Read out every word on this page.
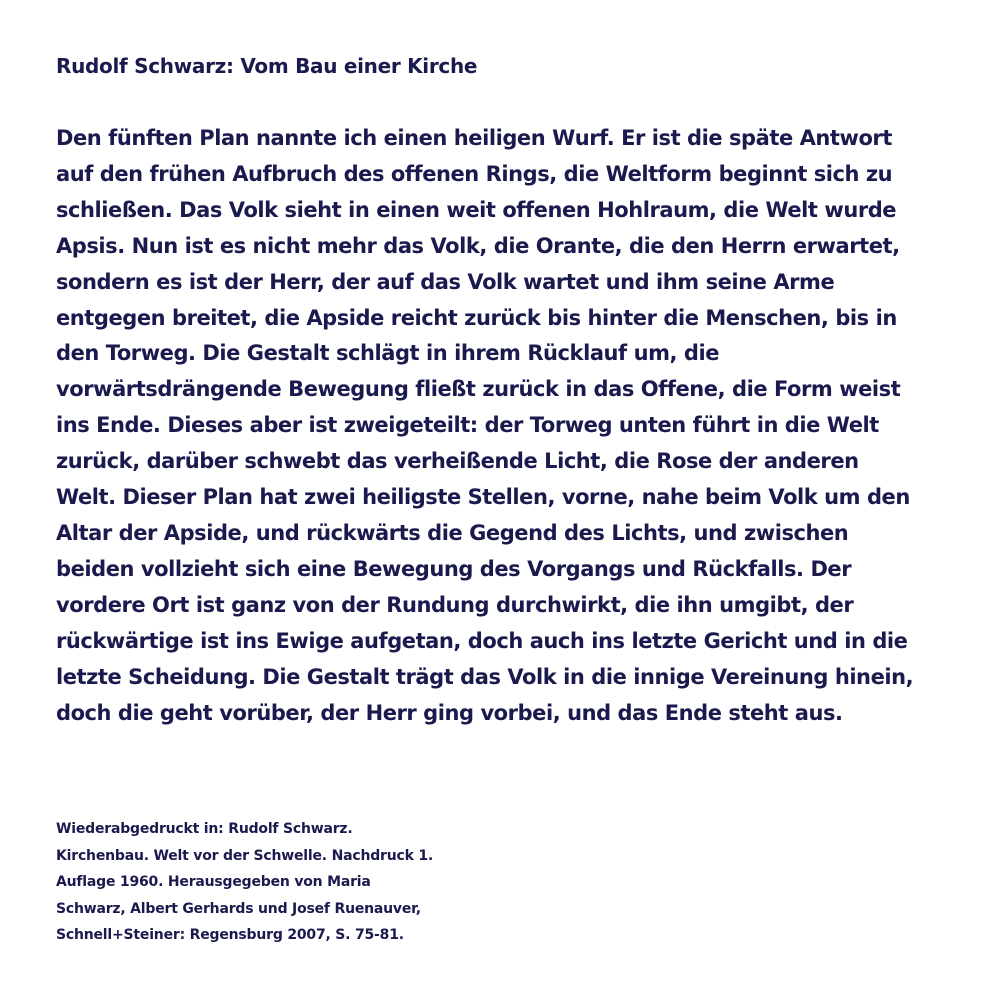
Rudolf Schwarz: Vom Bau einer Kirche
Den fünften Plan nannte ich einen heiligen Wurf. Er ist die späte Antwort
auf den frühen Aufbruch des offenen Rings, die Weltform beginnt sich zu
schließen. Das Volk sieht in einen weit offenen Hohlraum, die Welt wurde
Apsis. Nun ist es nicht mehr das Volk, die Orante, die den Herrn erwartet,
sondern es ist der Herr, der auf das Volk wartet und ihm seine Arme
entgegen breitet, die Apside reicht zurück bis hinter die Menschen, bis in
den Torweg. Die Gestalt schlägt in ihrem Rücklauf um, die
vorwärtsdrängende Bewegung fließt zurück in das Offene, die Form weist
ins Ende. Dieses aber ist zweigeteilt: der Torweg unten führt in die Welt
zurück, darüber schwebt das verheißende Licht, die Rose der anderen
Welt. Dieser Plan hat zwei heiligste Stellen, vorne, nahe beim Volk um den
Altar der Apside, und rückwärts die Gegend des Lichts, und zwischen
beiden vollzieht sich eine Bewegung des Vorgangs und Rückfalls. Der
vordere Ort ist ganz von der Rundung durchwirkt, die ihn umgibt, der
rückwärtige ist ins Ewige aufgetan, doch auch ins letzte Gericht und in die
letzte Scheidung. Die Gestalt trägt das Volk in die innige Vereinung hinein,
doch die geht vorüber, der Herr ging vorbei, und das Ende steht aus.
Wiederabgedruckt in: Rudolf Schwarz.
Kirchenbau. Welt vor der Schwelle. Nachdruck 1.
Auflage 1960. Herausgegeben von Maria
Schwarz, Albert Gerhards und Josef Ruenauver,
Schnell+Steiner: Regensburg 2007, S. 75-81.
